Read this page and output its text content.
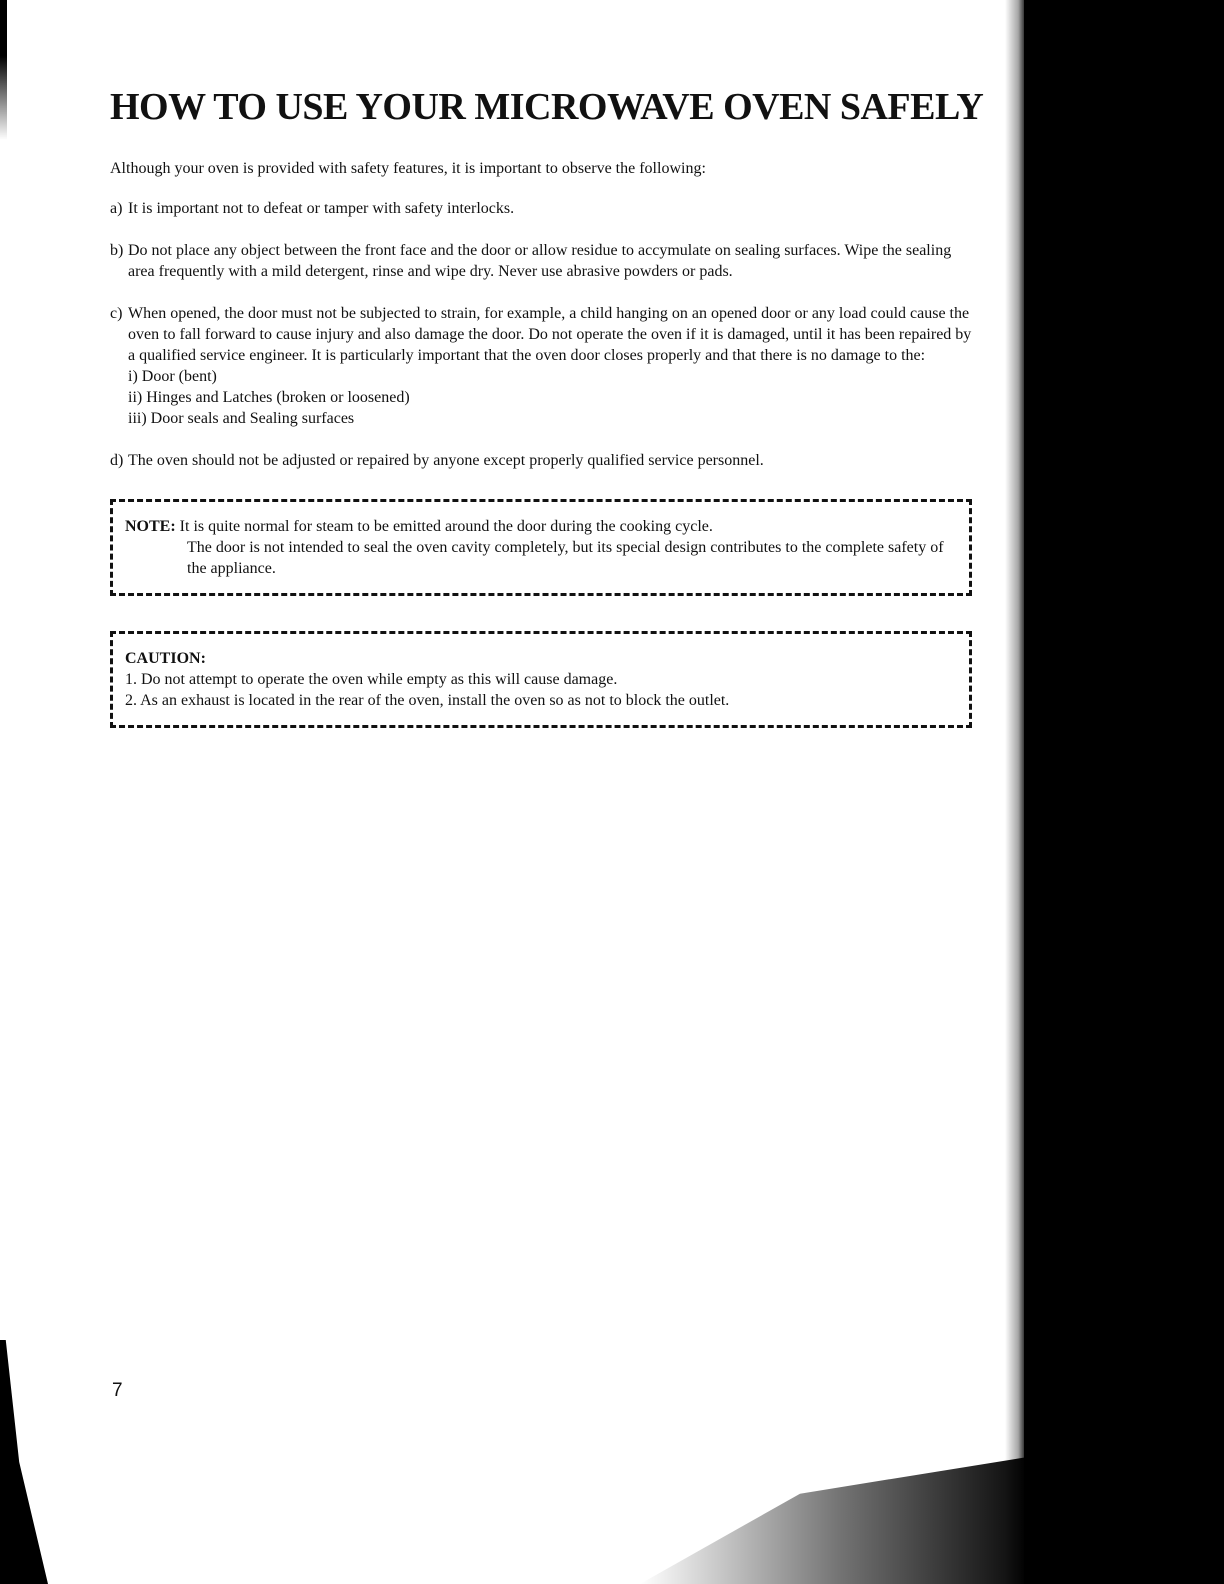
HOW TO USE YOUR MICROWAVE OVEN SAFELY

Although your oven is provided with safety features, it is important to observe the following:

a) It is important not to defeat or tamper with safety interlocks.
b) Do not place any object between the front face and the door or allow residue to accymulate on sealing surfaces. Wipe the sealing area frequently with a mild detergent, rinse and wipe dry. Never use abrasive powders or pads.
c) When opened, the door must not be subjected to strain, for example, a child hanging on an opened door or any load could cause the oven to fall forward to cause injury and also damage the door. Do not operate the oven if it is damaged, until it has been repaired by a qualified service engineer. It is particularly important that the oven door closes properly and that there is no damage to the:
i) Door (bent)
ii) Hinges and Latches (broken or loosened)
iii) Door seals and Sealing surfaces
d) The oven should not be adjusted or repaired by anyone except properly qualified service personnel.

NOTE: It is quite normal for steam to be emitted around the door during the cooking cycle.

The door is not intended to seal the oven cavity completely, but its special design contributes to the complete safety of the appliance.

CAUTION:

1. Do not attempt to operate the oven while empty as this will cause damage.

2. As an exhaust is located in the rear of the oven, install the oven so as not to block the outlet.

7
